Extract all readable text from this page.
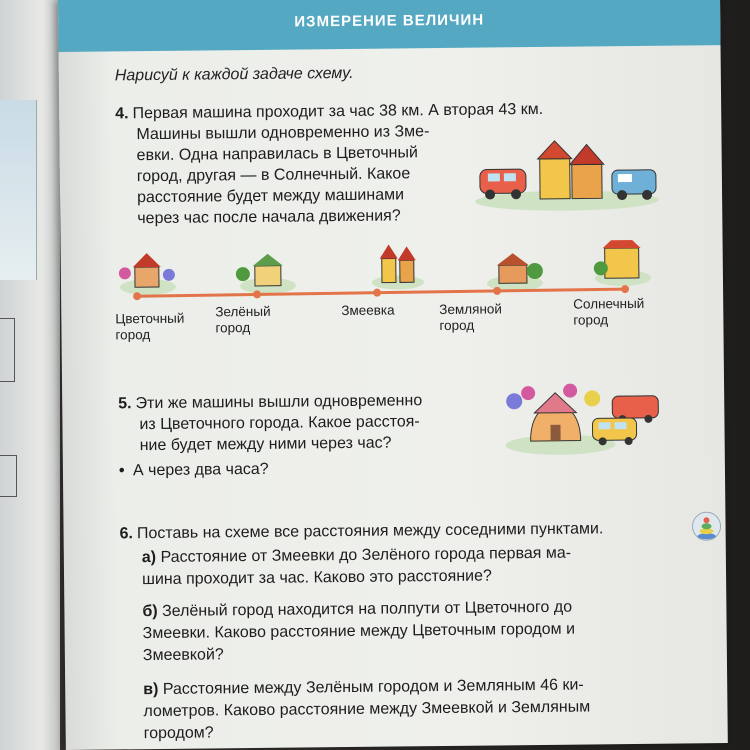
ИЗМЕРЕНИЕ ВЕЛИЧИН
Нарисуй к каждой задаче схему.
4. Первая машина проходит за час 38 км. А вторая 43 км.
Машины вышли одновременно из Зме-
евки. Одна направилась в Цветочный
город, другая — в Солнечный. Какое
расстояние будет между машинами
через час после начала движения?
Цветочный
город
Зелёный
город
Змеевка	Земляной
город
Солнечный
город
5. Эти же машины вышли одновременно
из Цветочного города. Какое расстоя-
ние будет между ними через час?
• А через два часа?
6. Поставь на схеме все расстояния между соседними пунктами.
а) Расстояние от Змеевки до Зелёного города первая ма-
шина проходит за час. Каково это расстояние?
б) Зелёный город находится на полпути от Цветочного до
Змеевки. Каково расстояние между Цветочным городом и
Змеевкой?
в) Расстояние между Зелёным городом и Земляным 46 ки-
лометров. Каково расстояние между Змеевкой и Земляным
городом?
